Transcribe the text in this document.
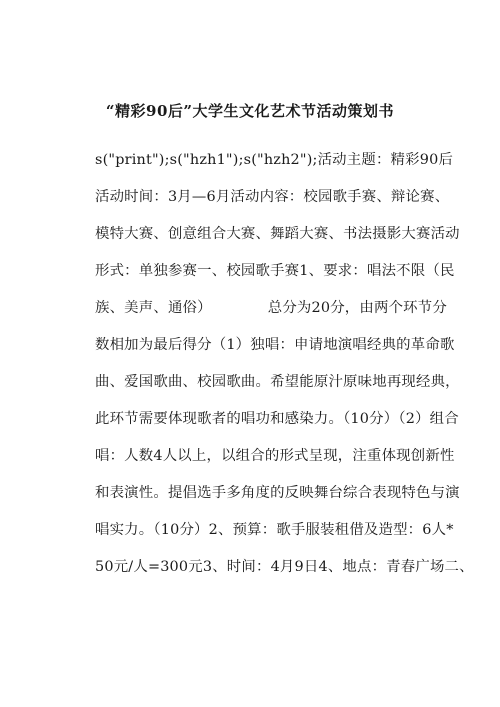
“精彩90后”大学生文化艺术节活动策划书
s("print");s("hzh1");s("hzh2");活动主题：精彩90后
活动时间：3月—6月活动内容：校园歌手赛、辩论赛、
模特大赛、创意组合大赛、舞蹈大赛、书法摄影大赛活动
形式：单独参赛一、校园歌手赛1、要求：唱法不限（民
族、美声、通俗）	总分为20分，由两个环节分
数相加为最后得分（1）独唱：申请地演唱经典的革命歌
曲、爱国歌曲、校园歌曲。希望能原汁原味地再现经典，
此环节需要体现歌者的唱功和感染力。（10分）（2）组合
唱：人数4人以上，以组合的形式呈现，注重体现创新性
和表演性。提倡选手多角度的反映舞台综合表现特色与演
唱实力。（10分）2、预算：歌手服装租借及造型：6人*
50元/人=300元3、时间：4月9日4、地点：青春广场二、
